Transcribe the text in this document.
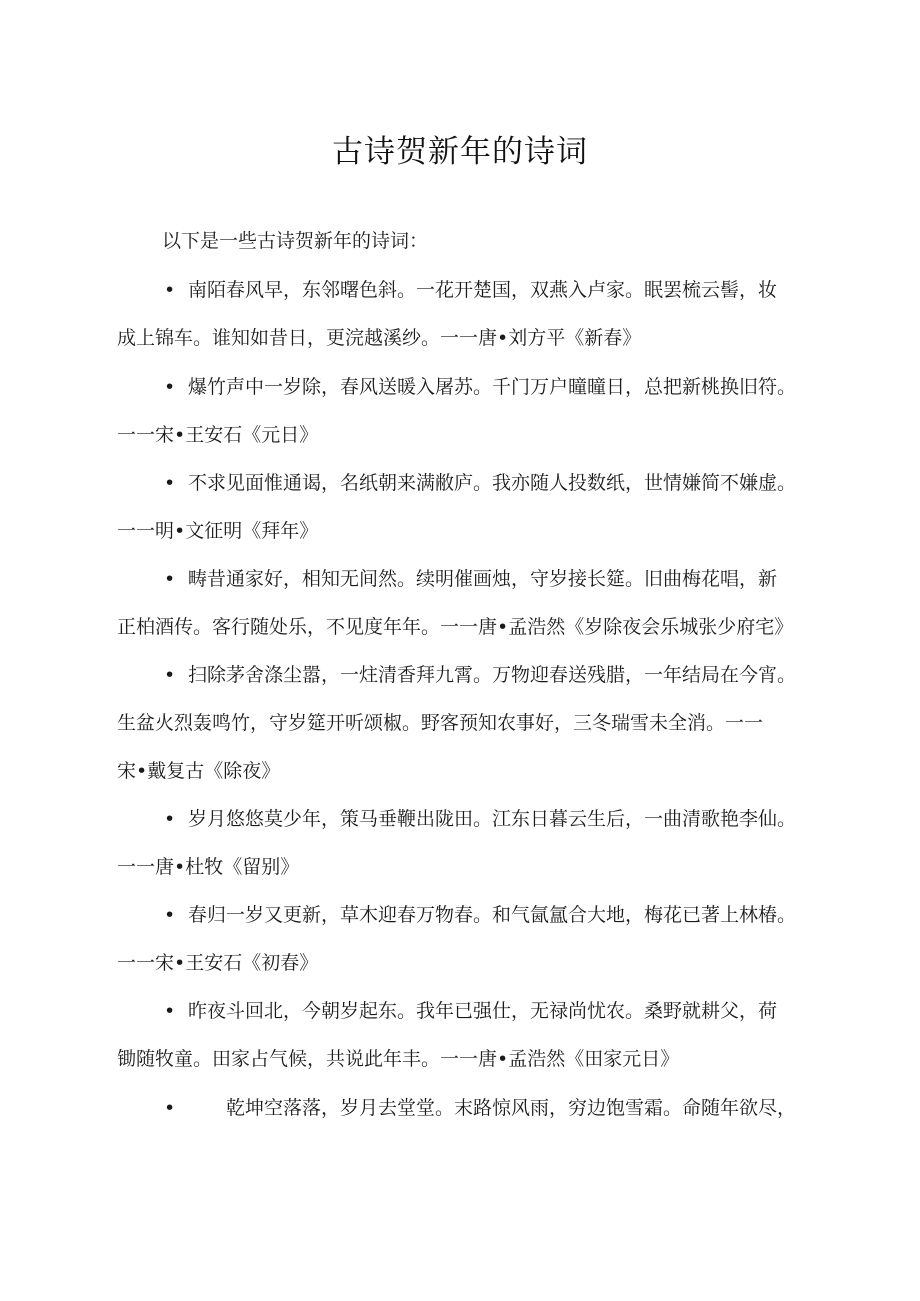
古诗贺新年的诗词
以下是一些古诗贺新年的诗词：
• 南陌春风早，东邻曙色斜。一花开楚国，双燕入卢家。眠罢梳云髻，妆
成上锦车。谁知如昔日，更浣越溪纱。一一唐•刘方平《新春》
• 爆竹声中一岁除，春风送暖入屠苏。千门万户曈曈日，总把新桃换旧符。
一一宋•王安石《元日》
• 不求见面惟通谒，名纸朝来满敝庐。我亦随人投数纸，世情嫌简不嫌虚。
一一明•文征明《拜年》
• 畴昔通家好，相知无间然。续明催画烛，守岁接长筵。旧曲梅花唱，新
正柏酒传。客行随处乐，不见度年年。一一唐•孟浩然《岁除夜会乐城张少府宅》
• 扫除茅舍涤尘嚣，一炷清香拜九霄。万物迎春送残腊，一年结局在今宵。
生盆火烈轰鸣竹，守岁筵开听颂椒。野客预知农事好，三冬瑞雪未全消。一一
宋•戴复古《除夜》
• 岁月悠悠莫少年，策马垂鞭出陇田。江东日暮云生后，一曲清歌艳李仙。
一一唐•杜牧《留别》
• 春归一岁又更新，草木迎春万物春。和气氤氲合大地，梅花已著上林椿。
一一宋•王安石《初春》
• 昨夜斗回北，今朝岁起东。我年已强仕，无禄尚忧农。桑野就耕父，荷
锄随牧童。田家占气候，共说此年丰。一一唐•孟浩然《田家元日》
•	乾坤空落落，岁月去堂堂。末路惊风雨，穷边饱雪霜。命随年欲尽，
